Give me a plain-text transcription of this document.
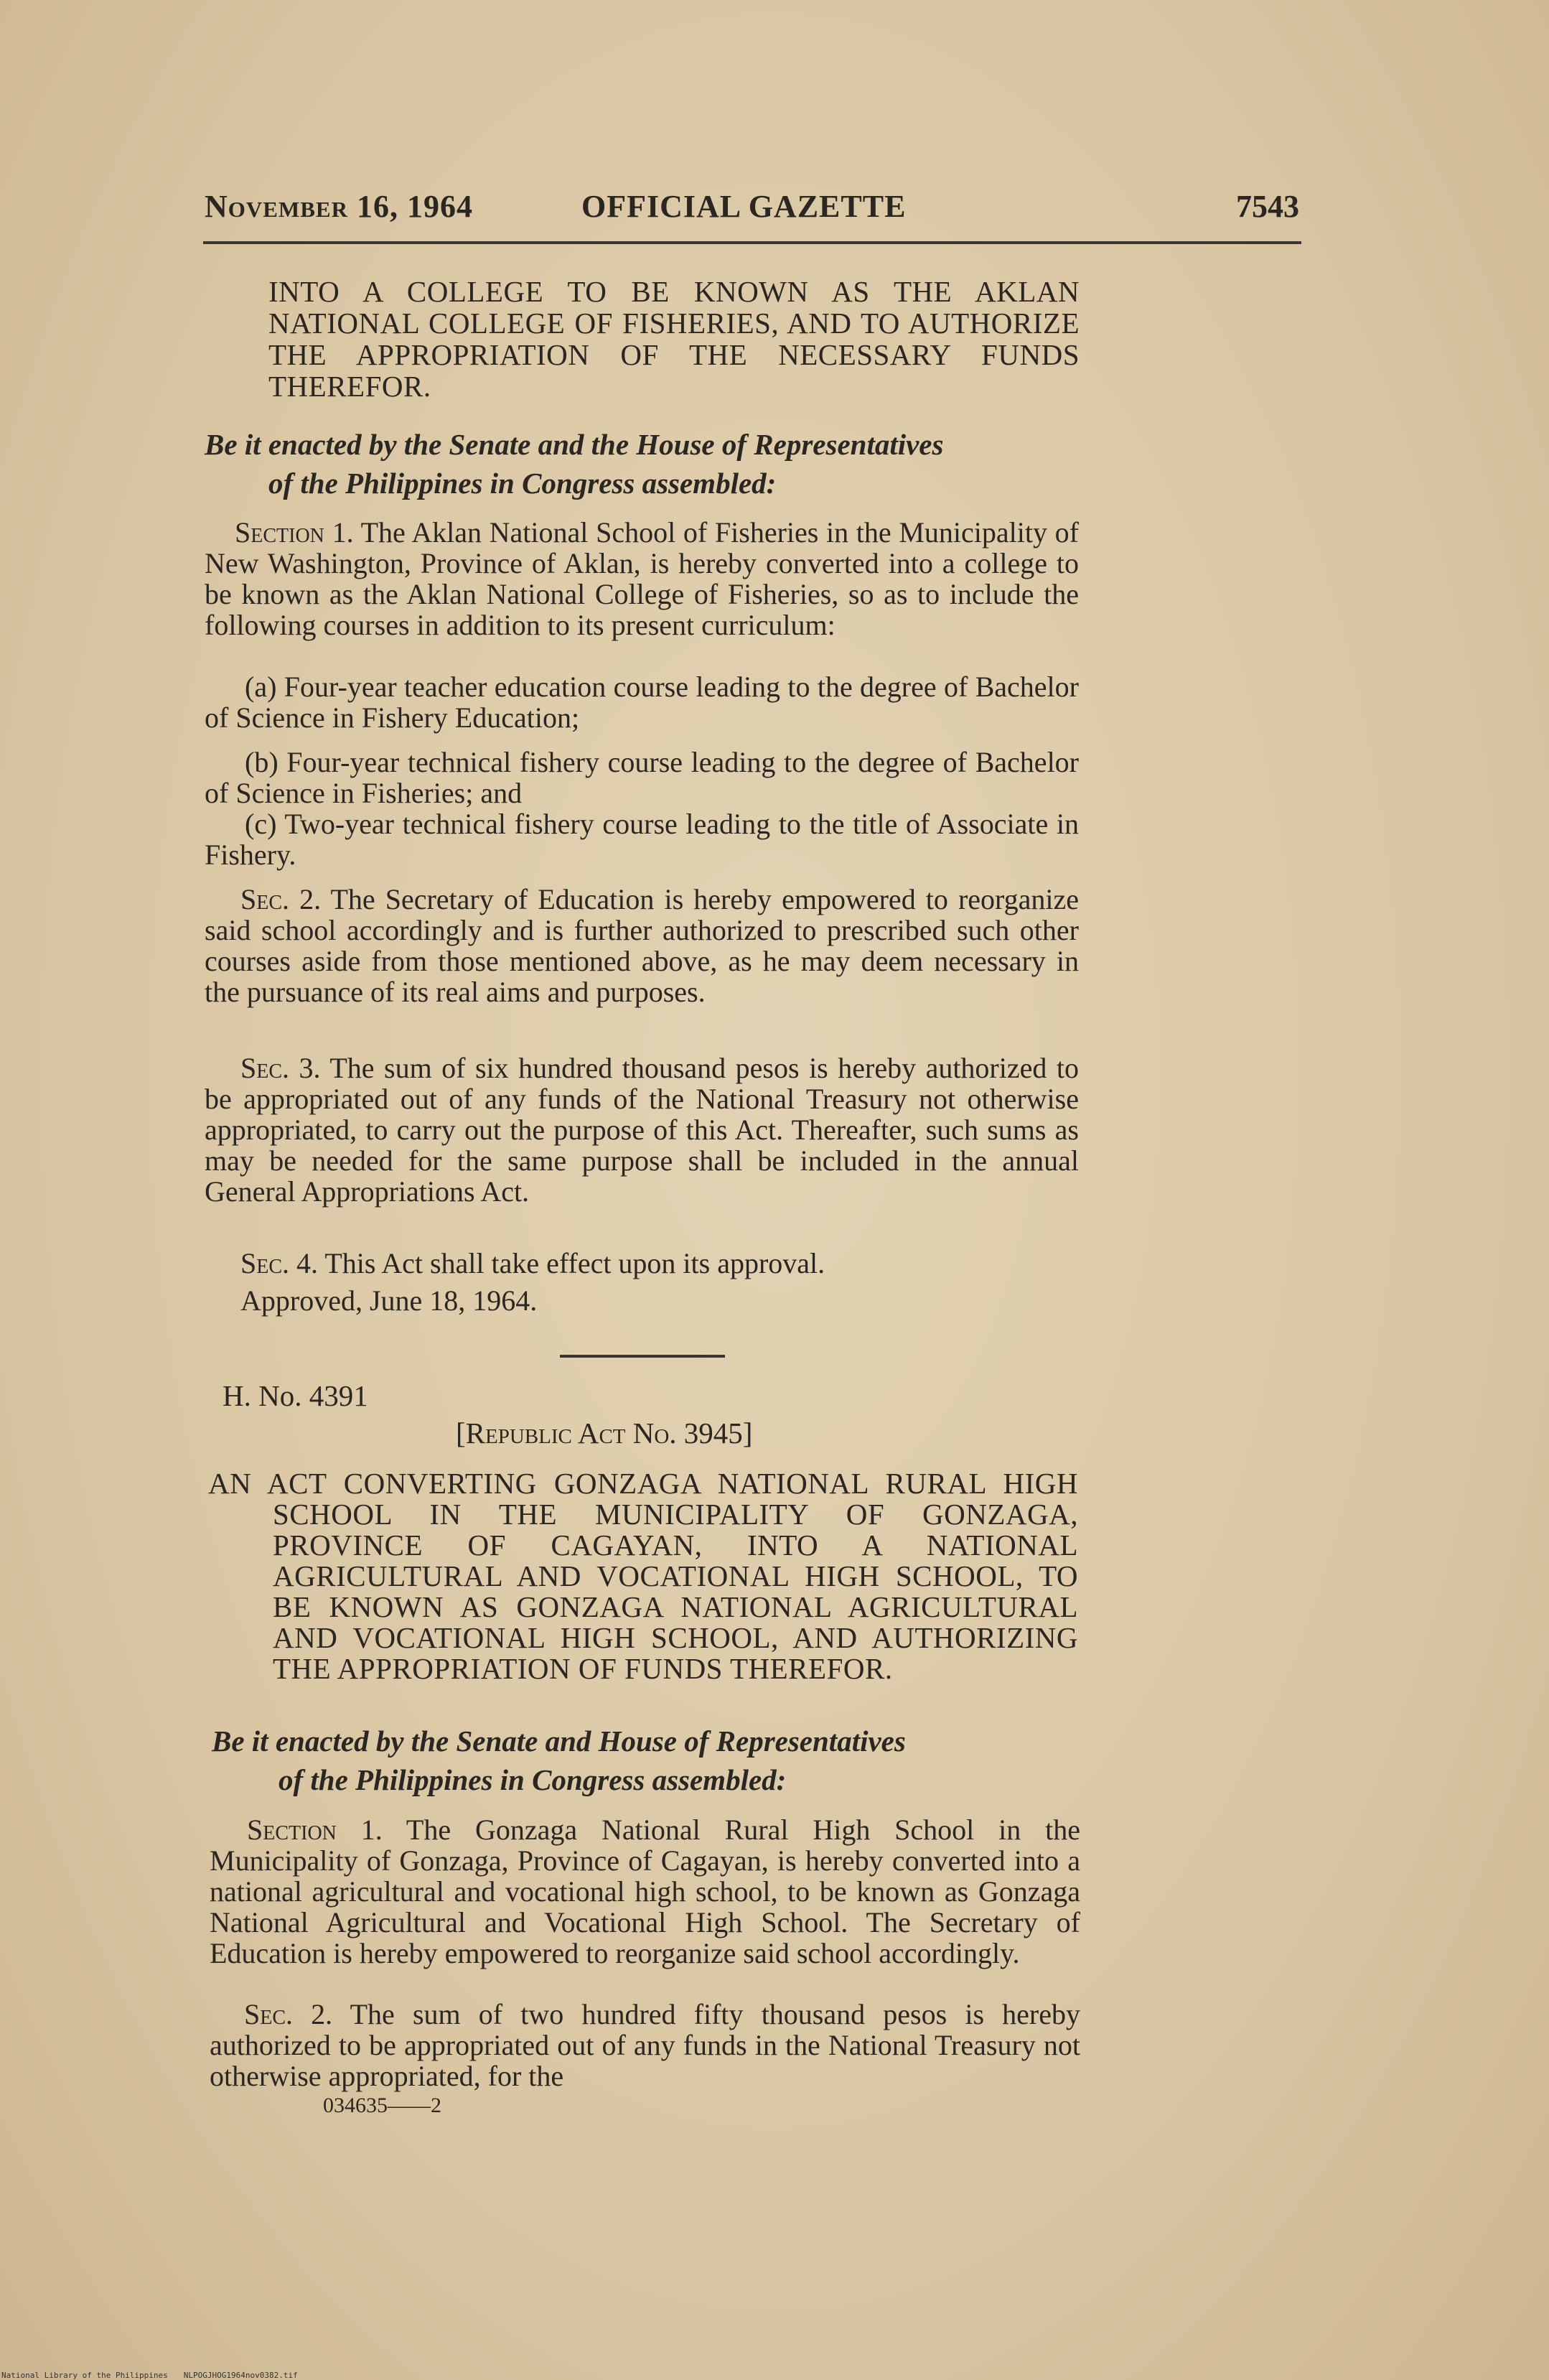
November 16, 1964	OFFICIAL GAZETTE	7543
INTO A COLLEGE TO BE KNOWN AS THE AKLAN NATIONAL COLLEGE OF FISHERIES, AND TO AUTHORIZE THE APPROPRIATION OF THE NECESSARY FUNDS THEREFOR.
Be it enacted by the Senate and the House of Representatives
of the Philippines in Congress assembled:
Section 1. The Aklan National School of Fisheries in the Municipality of New Washington, Province of Aklan, is hereby converted into a college to be known as the Aklan National College of Fisheries, so as to include the following courses in addition to its present curriculum:
(a) Four-year teacher education course leading to the degree of Bachelor of Science in Fishery Education;
(b) Four-year technical fishery course leading to the degree of Bachelor of Science in Fisheries; and
(c) Two-year technical fishery course leading to the title of Associate in Fishery.
Sec. 2. The Secretary of Education is hereby empowered to reorganize said school accordingly and is further authorized to prescribed such other courses aside from those mentioned above, as he may deem necessary in the pursuance of its real aims and purposes.
Sec. 3. The sum of six hundred thousand pesos is hereby authorized to be appropriated out of any funds of the National Treasury not otherwise appropriated, to carry out the purpose of this Act. Thereafter, such sums as may be needed for the same purpose shall be included in the annual General Appropriations Act.
Sec. 4. This Act shall take effect upon its approval.
Approved, June 18, 1964.
H. No. 4391
[Republic Act No. 3945]
AN ACT CONVERTING GONZAGA NATIONAL RURAL HIGH SCHOOL IN THE MUNICIPALITY OF GONZAGA, PROVINCE OF CAGAYAN, INTO A NATIONAL AGRICULTURAL AND VOCATIONAL HIGH SCHOOL, TO BE KNOWN AS GONZAGA NATIONAL AGRICULTURAL AND VOCATIONAL HIGH SCHOOL, AND AUTHORIZING THE APPROPRIATION OF FUNDS THEREFOR.
Be it enacted by the Senate and House of Representatives
of the Philippines in Congress assembled:
Section 1. The Gonzaga National Rural High School in the Municipality of Gonzaga, Province of Cagayan, is hereby converted into a national agricultural and vocational high school, to be known as Gonzaga National Agricultural and Vocational High School. The Secretary of Education is hereby empowered to reorganize said school accordingly.
Sec. 2. The sum of two hundred fifty thousand pesos is hereby authorized to be appropriated out of any funds in the National Treasury not otherwise appropriated, for the
034635——2
National Library of the Philippines NLPOGJHOG1964nov0382.tif
